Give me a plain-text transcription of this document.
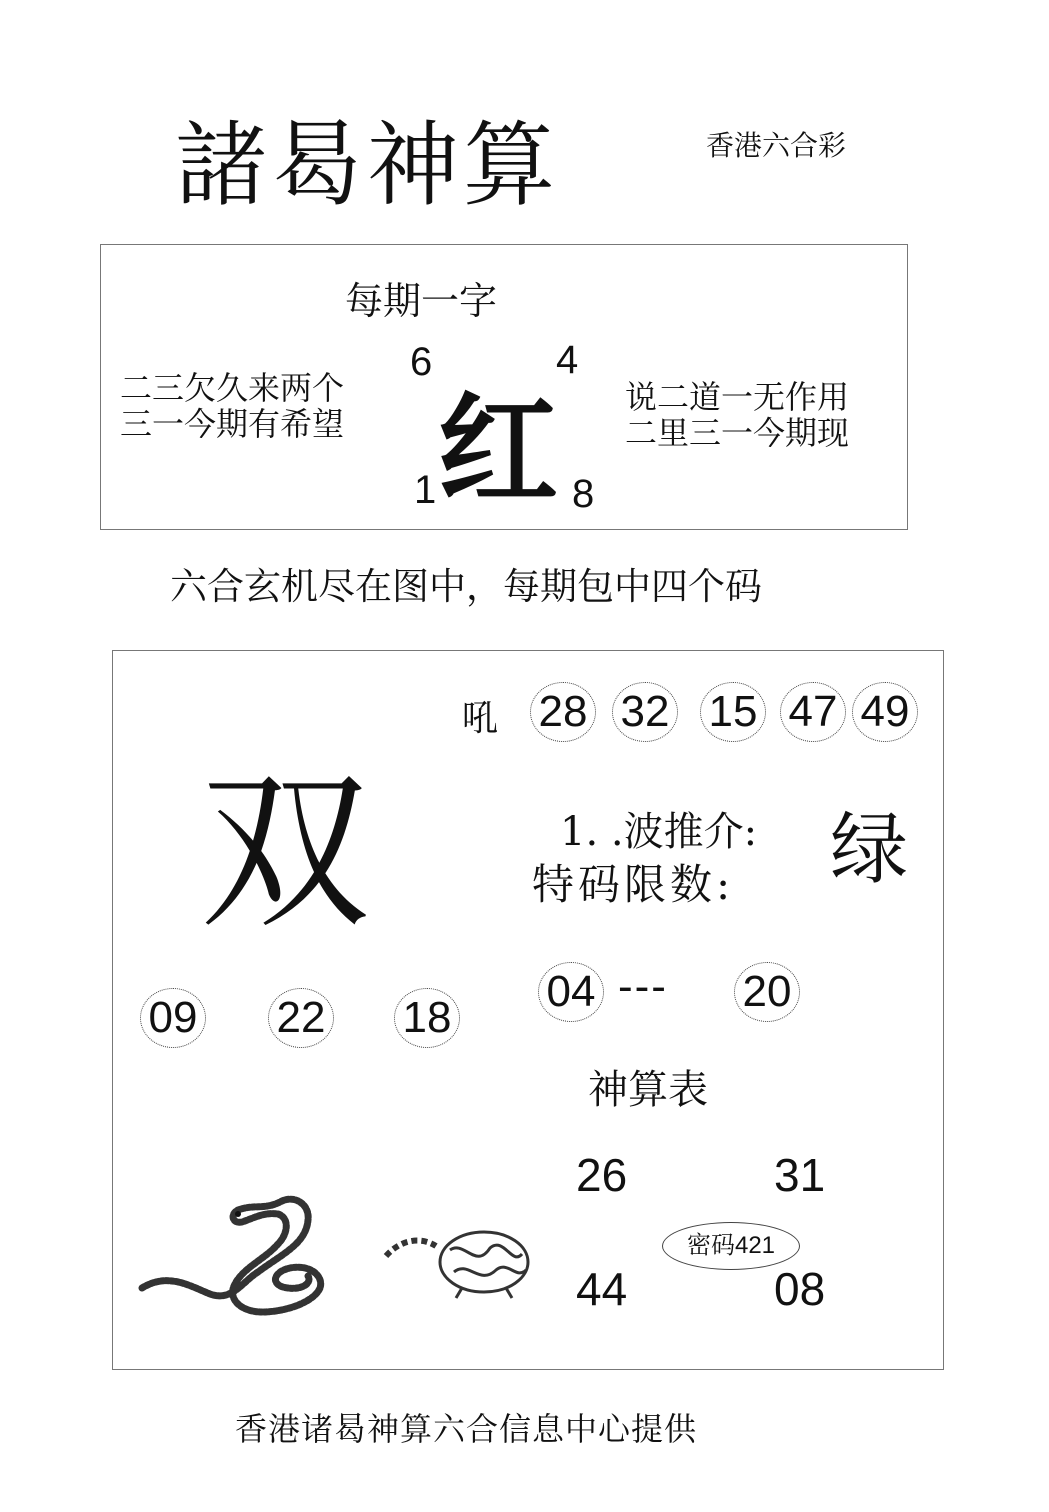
諸曷神算	香港六合彩
每期一字
二三欠久来两个
三一今期有希望
说二道一无作用
二里三一今期现
6	4
1	8
红
六合玄机尽在图中，每期包中四个码
双
吼 28 32 15 47 49
1. .波推介: 绿
特码限数:
09 22 18
04 --- 20
神算表
26	31
44	08
密码421
香港诸曷神算六合信息中心提供
